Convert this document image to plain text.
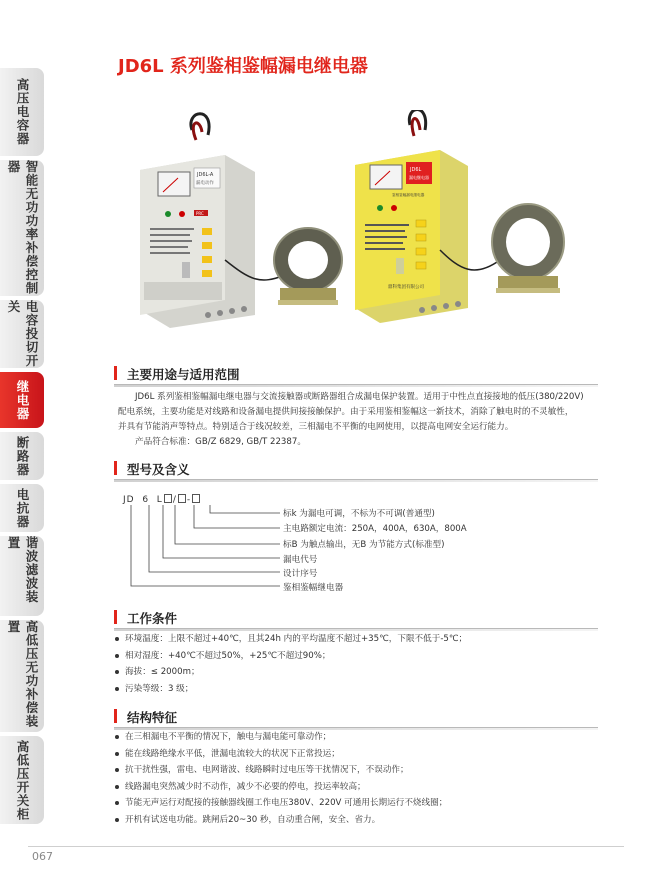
高压电容器
智能无功功率补偿控制器
电容投切开关
继电器
断路器
电抗器
谐波滤波装置
高低压无功补偿装置
高低压开关柜
JD6L 系列鉴相鉴幅漏电继电器
JD6L-A
漏电动作
PRC
JD6L
漏电继电器
鉴相鉴幅漏电继电器
鼎科集团有限公司
主要用途与适用范围
JD6L 系列鉴相鉴幅漏电继电器与交流接触器或断路器组合成漏电保护装置。适用于中性点直接接地的低压(380/220V)
配电系统，主要功能是对线路和设备漏电提供间接接触保护。由于采用鉴相鉴幅这一新技术，消除了触电时的不灵敏性，
并具有节能消声等特点。特别适合于线况较差，三相漏电不平衡的电网使用，以提高电网安全运行能力。
产品符合标准：GB/Z 6829, GB/T 22387。
型号及含义
JD 6 L / -
标k 为漏电可调，不标为不可调(普通型)
主电路额定电流：250A，400A，630A，800A
标B 为触点输出，无B 为节能方式(标准型)
漏电代号
设计序号
鉴相鉴幅继电器
工作条件
环境温度：上限不超过+40℃，且其24h 内的平均温度不超过+35℃，下限不低于-5℃；
相对湿度：+40℃不超过50%，+25℃不超过90%；
海拔：≤ 2000m；
污染等级：3 级；
结构特征
在三相漏电不平衡的情况下，触电与漏电能可靠动作；
能在线路绝缘水平低，泄漏电流较大的状况下正常投运；
抗干扰性强，雷电、电网谐波、线路瞬时过电压等干扰情况下，不误动作；
线路漏电突然减少时不动作，减少不必要的停电，投运率较高；
节能无声运行对配接的接触器线圈工作电压380V、220V 可通用长期运行不烧线圈；
开机有试送电功能。跳闸后20~30 秒，自动重合闸，安全、省力。
067
